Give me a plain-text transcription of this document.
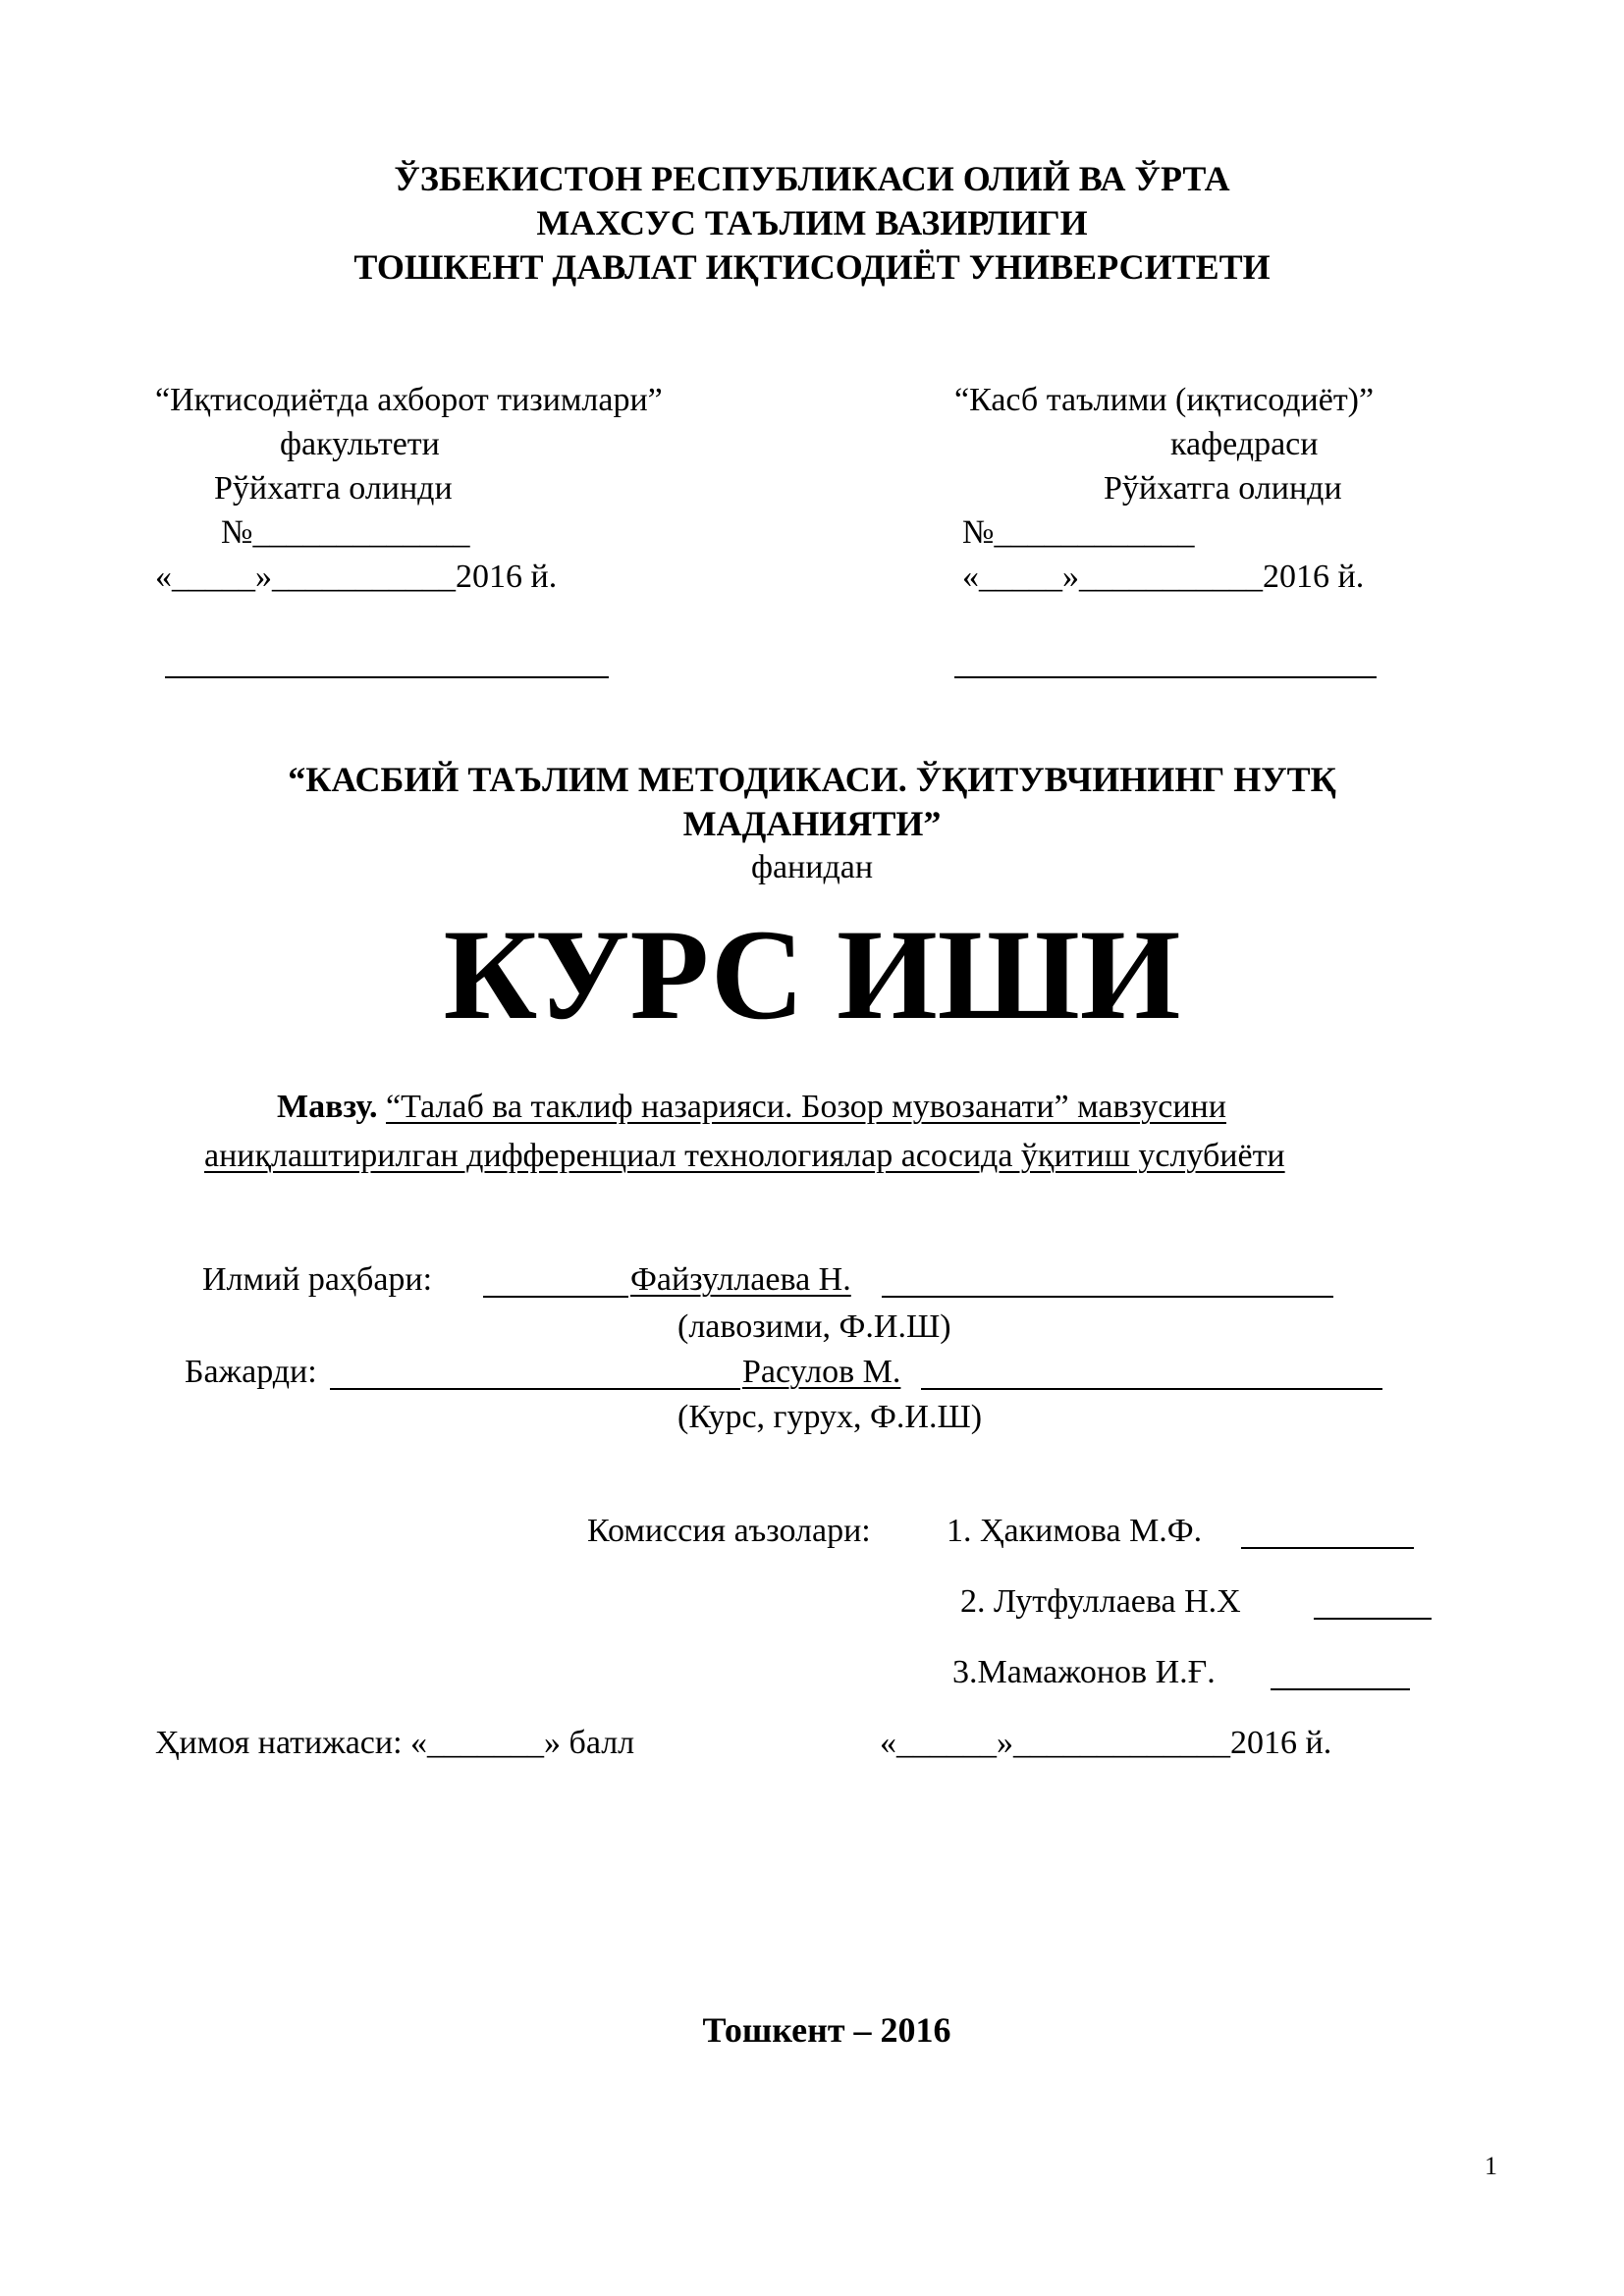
ЎЗБЕКИСТОН РЕСПУБЛИКАСИ ОЛИЙ ВА ЎРТА
МАХСУС ТАЪЛИМ ВАЗИРЛИГИ
ТОШКЕНТ ДАВЛАТ ИҚТИСОДИЁТ УНИВЕРСИТЕТИ
“Иқтисодиётда ахборот тизимлари”
факультети
Рўйхатга олинди
№_____________
«_____»___________2016 й.
“Касб таълими (иқтисодиёт)”
кафедраси
Рўйхатга олинди
№____________
«_____»___________2016 й.
“КАСБИЙ ТАЪЛИМ МЕТОДИКАСИ. ЎҚИТУВЧИНИНГ НУТҚ
МАДАНИЯТИ”
фанидан
КУРС ИШИ
Мавзу. “Талаб ва таклиф назарияси. Бозор мувозанати” мавзусини
аниқлаштирилган дифференциал технологиялар асосида ўқитиш услубиёти
Илмий раҳбари:	Файзуллаева Н.
(лавозими, Ф.И.Ш)
Бажарди:	Расулов М.
(Курс, гурух, Ф.И.Ш)
Комиссия аъзолари: 1. Ҳакимова М.Ф.
2. Лутфуллаева Н.Х
3.Мамажонов И.Ғ.
Ҳимоя натижаси: «_______» балл	«______»_____________2016 й.
Тошкент – 2016
1
